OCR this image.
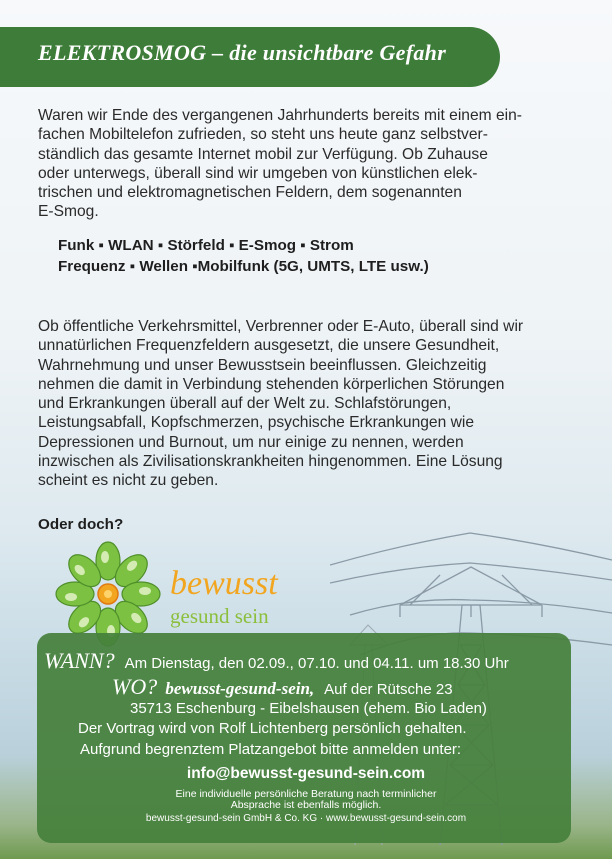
ELEKTROSMOG – die unsichtbare Gefahr
Waren wir Ende des vergangenen Jahrhunderts bereits mit einem ein-
fachen Mobiltelefon zufrieden, so steht uns heute ganz selbstver-
ständlich das gesamte Internet mobil zur Verfügung. Ob Zuhause
oder unterwegs, überall sind wir umgeben von künstlichen elek-
trischen und elektromagnetischen Feldern, dem sogenannten
E-Smog.
Funk ▪ WLAN ▪ Störfeld ▪ E-Smog ▪ Strom
Frequenz ▪ Wellen ▪Mobilfunk (5G, UMTS, LTE usw.)
Ob öffentliche Verkehrsmittel, Verbrenner oder E-Auto, überall sind wir
unnatürlichen Frequenzfeldern ausgesetzt, die unsere Gesundheit,
Wahrnehmung und unser Bewusstsein beeinflussen. Gleichzeitig
nehmen die damit in Verbindung stehenden körperlichen Störungen
und Erkrankungen überall auf der Welt zu. Schlafstörungen,
Leistungsabfall, Kopfschmerzen, psychische Erkrankungen wie
Depressionen und Burnout, um nur einige zu nennen, werden
inzwischen als Zivilisationskrankheiten hingenommen. Eine Lösung
scheint es nicht zu geben.
Oder doch?
bewusst
gesund sein
WANN? Am Dienstag, den 02.09., 07.10. und 04.11. um 18.30 Uhr
WO? bewusst-gesund-sein, Auf der Rütsche 23
35713 Eschenburg - Eibelshausen (ehem. Bio Laden)
Der Vortrag wird von Rolf Lichtenberg persönlich gehalten.
Aufgrund begrenztem Platzangebot bitte anmelden unter:
info@bewusst-gesund-sein.com
Eine individuelle persönliche Beratung nach terminlicher
Absprache ist ebenfalls möglich.
bewusst-gesund-sein GmbH & Co. KG · www.bewusst-gesund-sein.com
